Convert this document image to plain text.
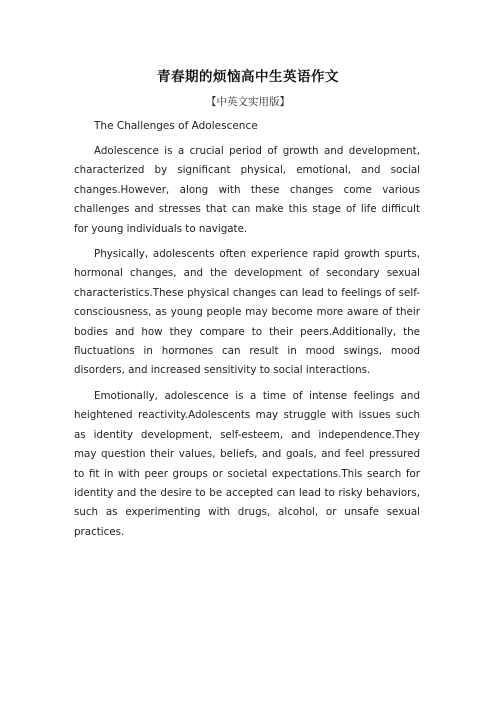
青春期的烦恼高中生英语作文
【中英文实用版】
The Challenges of Adolescence

Adolescence is a crucial period of growth and development, characterized by significant physical, emotional, and social changes.However, along with these changes come various challenges and stresses that can make this stage of life difficult for young individuals to navigate.

Physically, adolescents often experience rapid growth spurts, hormonal changes, and the development of secondary sexual characteristics.These physical changes can lead to feelings of self-consciousness, as young people may become more aware of their bodies and how they compare to their peers.Additionally, the fluctuations in hormones can result in mood swings, mood disorders, and increased sensitivity to social interactions.

Emotionally, adolescence is a time of intense feelings and heightened reactivity.Adolescents may struggle with issues such as identity development, self-esteem, and independence.They may question their values, beliefs, and goals, and feel pressured to fit in with peer groups or societal expectations.This search for identity and the desire to be accepted can lead to risky behaviors, such as experimenting with drugs, alcohol, or unsafe sexual practices.
